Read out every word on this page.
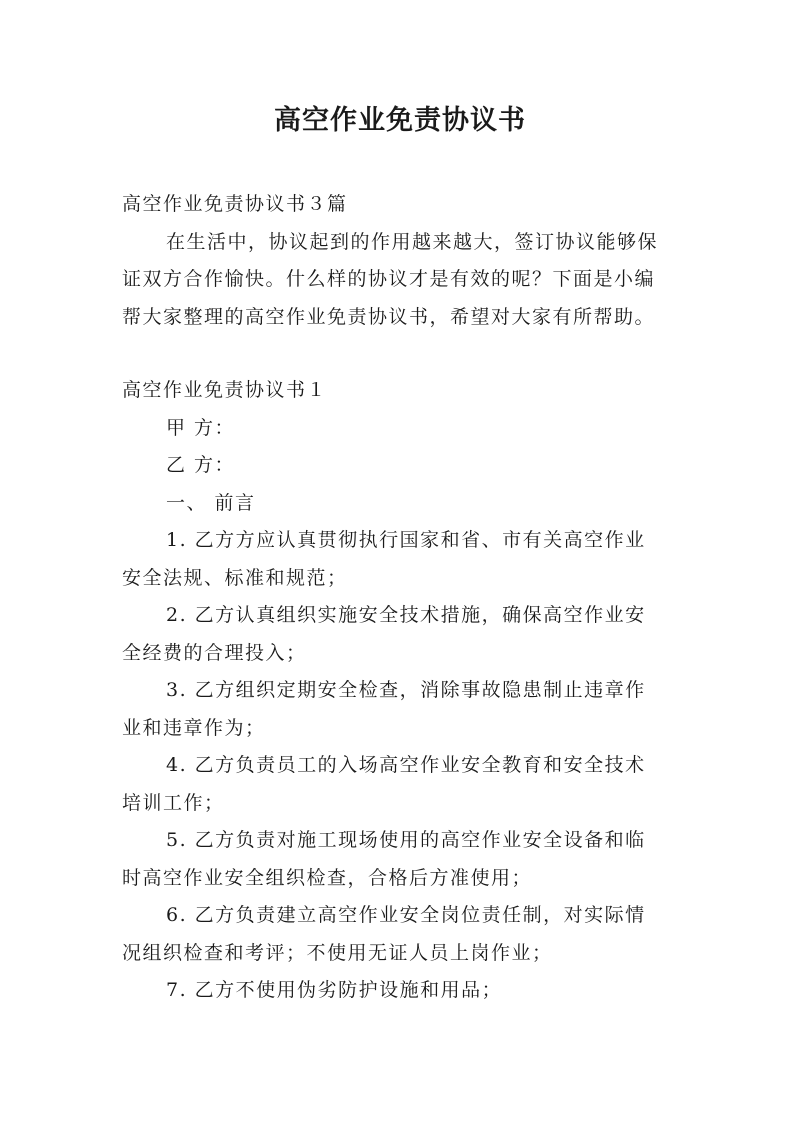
高空作业免责协议书
高空作业免责协议书３篇
在生活中，协议起到的作用越来越大，签订协议能够保
证双方合作愉快。什么样的协议才是有效的呢？下面是小编
帮大家整理的高空作业免责协议书，希望对大家有所帮助。
高空作业免责协议书１
甲 方：
乙 方：
一、 前言
1. 乙方方应认真贯彻执行国家和省、市有关高空作业
安全法规、标准和规范；
2. 乙方认真组织实施安全技术措施，确保高空作业安
全经费的合理投入；
3. 乙方组织定期安全检查，消除事故隐患制止违章作
业和违章作为；
4. 乙方负责员工的入场高空作业安全教育和安全技术
培训工作；
5. 乙方负责对施工现场使用的高空作业安全设备和临
时高空作业安全组织检查，合格后方准使用；
6. 乙方负责建立高空作业安全岗位责任制，对实际情
况组织检查和考评；不使用无证人员上岗作业；
7. 乙方不使用伪劣防护设施和用品；
